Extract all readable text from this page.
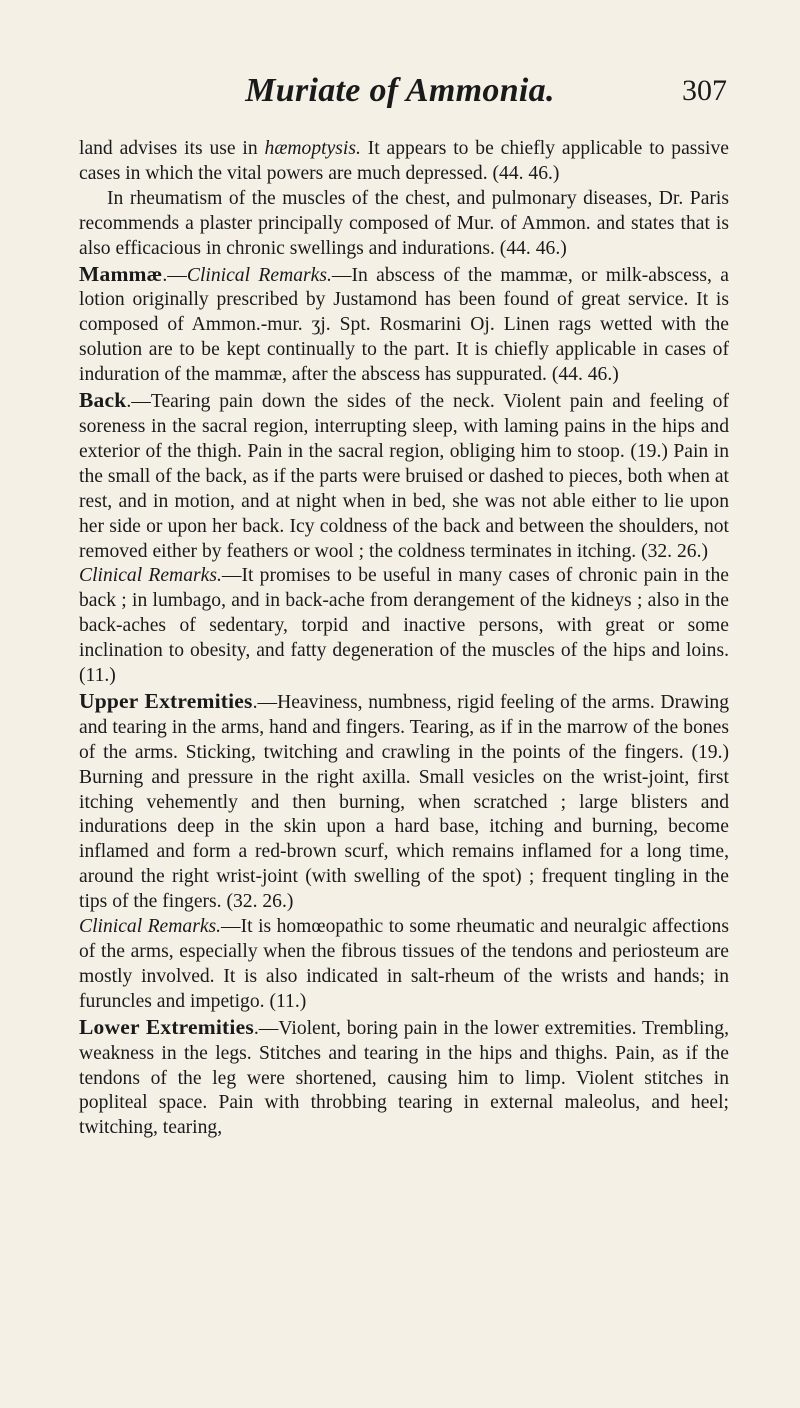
Muriate of Ammonia.	307

land advises its use in hæmoptysis. It appears to be chiefly applicable to passive cases in which the vital powers are much depressed. (44. 46.)

In rheumatism of the muscles of the chest, and pulmonary diseases, Dr. Paris recommends a plaster principally composed of Mur. of Ammon. and states that is also efficacious in chronic swellings and indurations. (44. 46.)

Mammæ.—Clinical Remarks.—In abscess of the mammæ, or milk-abscess, a lotion originally prescribed by Justamond has been found of great service. It is composed of Ammon.-mur. ʒj. Spt. Rosmarini Oj. Linen rags wetted with the solution are to be kept continually to the part. It is chiefly applicable in cases of induration of the mammæ, after the abscess has suppurated. (44. 46.)

Back.—Tearing pain down the sides of the neck. Violent pain and feeling of soreness in the sacral region, interrupting sleep, with laming pains in the hips and exterior of the thigh. Pain in the sacral region, obliging him to stoop. (19.) Pain in the small of the back, as if the parts were bruised or dashed to pieces, both when at rest, and in motion, and at night when in bed, she was not able either to lie upon her side or upon her back. Icy coldness of the back and between the shoulders, not removed either by feathers or wool ; the coldness terminates in itching. (32. 26.)

Clinical Remarks.—It promises to be useful in many cases of chronic pain in the back ; in lumbago, and in back-ache from derangement of the kidneys ; also in the back-aches of sedentary, torpid and inactive persons, with great or some inclination to obesity, and fatty degeneration of the muscles of the hips and loins. (11.)

Upper Extremities.—Heaviness, numbness, rigid feeling of the arms. Drawing and tearing in the arms, hand and fingers. Tearing, as if in the marrow of the bones of the arms. Sticking, twitching and crawling in the points of the fingers. (19.) Burning and pressure in the right axilla. Small vesicles on the wrist-joint, first itching vehemently and then burning, when scratched ; large blisters and indurations deep in the skin upon a hard base, itching and burning, become inflamed and form a red-brown scurf, which remains inflamed for a long time, around the right wrist-joint (with swelling of the spot) ; frequent tingling in the tips of the fingers. (32. 26.)

Clinical Remarks.—It is homœopathic to some rheumatic and neuralgic affections of the arms, especially when the fibrous tissues of the tendons and periosteum are mostly involved. It is also indicated in salt-rheum of the wrists and hands; in furuncles and impetigo. (11.)

Lower Extremities.—Violent, boring pain in the lower extremities. Trembling, weakness in the legs. Stitches and tearing in the hips and thighs. Pain, as if the tendons of the leg were shortened, causing him to limp. Violent stitches in popliteal space. Pain with throbbing tearing in external maleolus, and heel; twitching, tearing,
